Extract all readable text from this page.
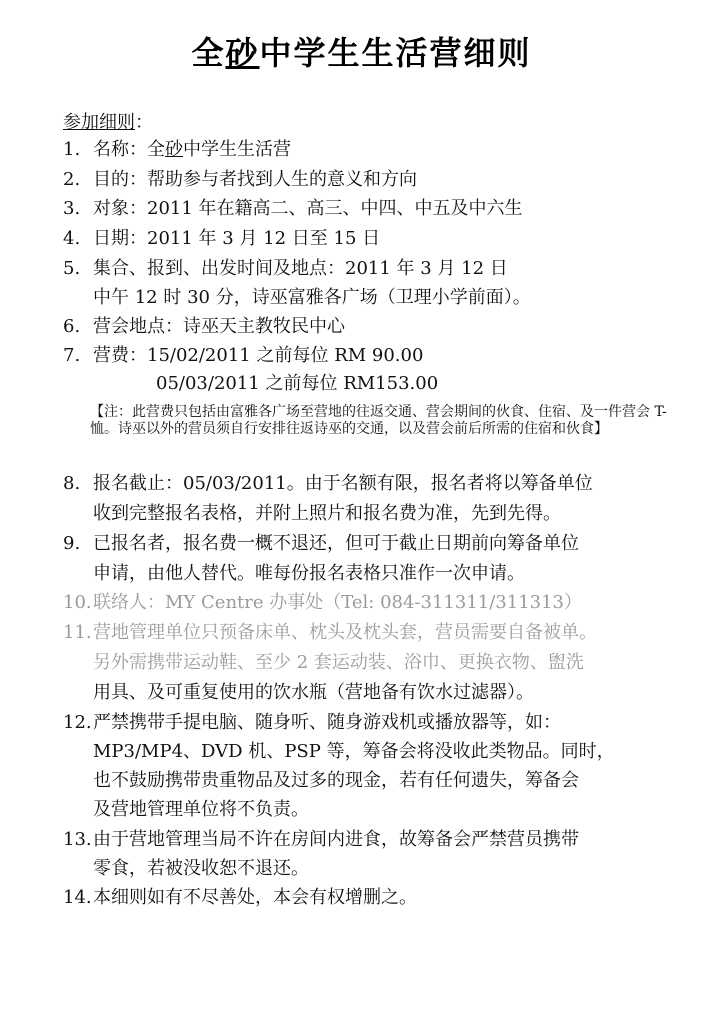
全砂中学生生活营细则
参加细则：
1. 名称：全砂中学生生活营
2. 目的：帮助参与者找到人生的意义和方向
3. 对象：2011 年在籍高二、高三、中四、中五及中六生
4. 日期：2011 年 3 月 12 日至 15 日
5. 集合、报到、出发时间及地点：2011 年 3 月 12 日
中午 12 时 30 分，诗巫富雅各广场（卫理小学前面）。
6. 营会地点：诗巫天主教牧民中心
7. 营费：15/02/2011 之前每位 RM 90.00
05/03/2011 之前每位 RM153.00
【注：此营费只包括由富雅各广场至营地的往返交通、营会期间的伙食、住宿、及一件营会 T-恤。诗巫以外的营员须自行安排往返诗巫的交通，以及营会前后所需的住宿和伙食】
8. 报名截止：05/03/2011。由于名额有限，报名者将以筹备单位
收到完整报名表格，并附上照片和报名费为准，先到先得。
9. 已报名者，报名费一概不退还，但可于截止日期前向筹备单位
申请，由他人替代。唯每份报名表格只准作一次申请。
10.联络人：MY Centre 办事处（Tel: 084-311311/311313）
11.营地管理单位只预备床单、枕头及枕头套，营员需要自备被单。
另外需携带运动鞋、至少 2 套运动装、浴巾、更换衣物、盥洗
用具、及可重复使用的饮水瓶（营地备有饮水过滤器）。
12.严禁携带手提电脑、随身听、随身游戏机或播放器等，如：
MP3/MP4、DVD 机、PSP 等，筹备会将没收此类物品。同时，
也不鼓励携带贵重物品及过多的现金，若有任何遗失，筹备会
及营地管理单位将不负责。
13.由于营地管理当局不许在房间内进食，故筹备会严禁营员携带
零食，若被没收恕不退还。
14.本细则如有不尽善处，本会有权增删之。
